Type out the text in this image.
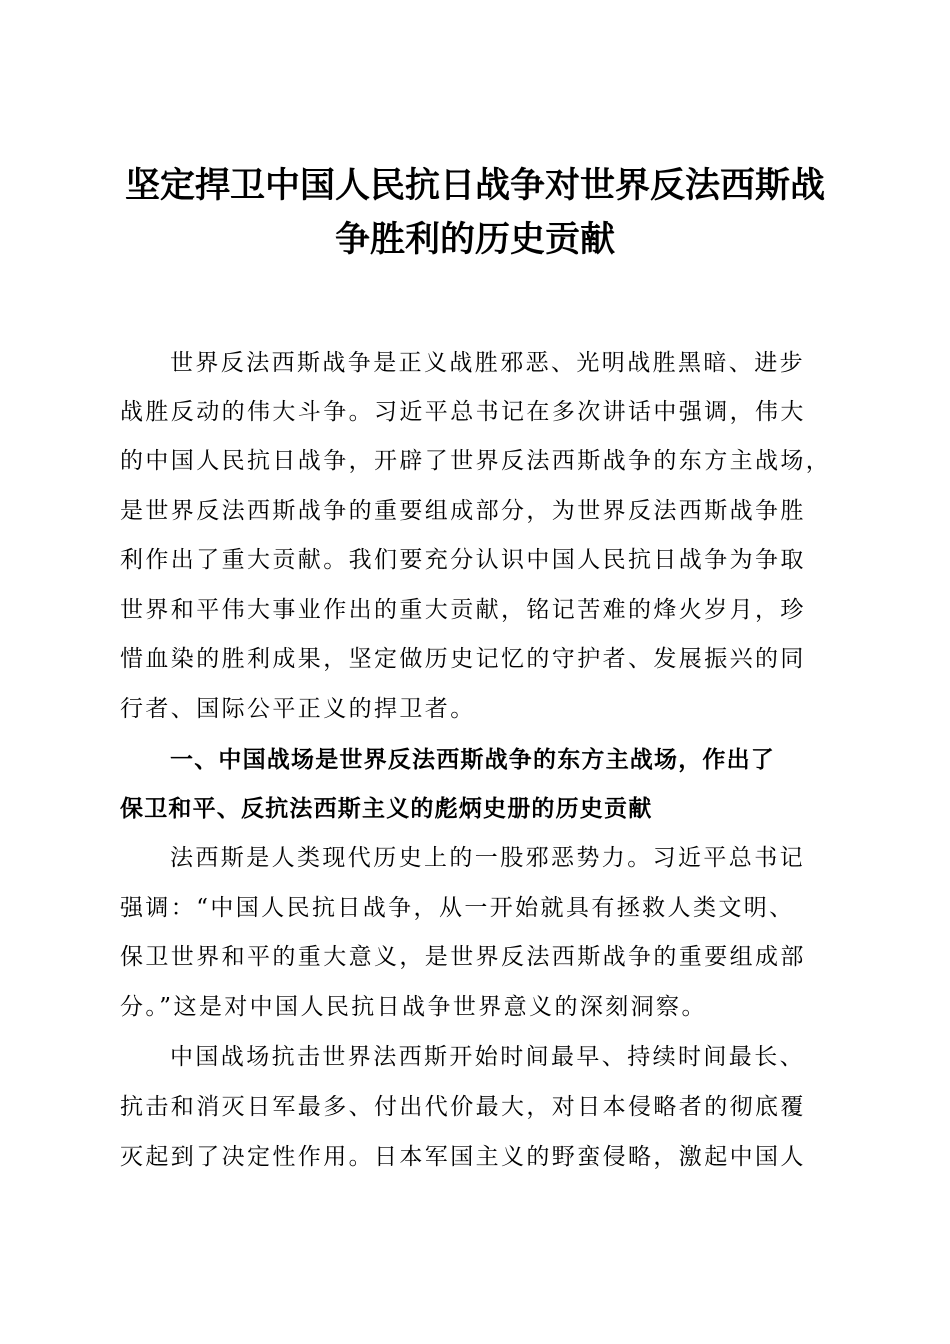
坚定捍卫中国人民抗日战争对世界反法西斯战
争胜利的历史贡献
世界反法西斯战争是正义战胜邪恶、光明战胜黑暗、进步
战胜反动的伟大斗争。习近平总书记在多次讲话中强调，伟大
的中国人民抗日战争，开辟了世界反法西斯战争的东方主战场，
是世界反法西斯战争的重要组成部分，为世界反法西斯战争胜
利作出了重大贡献。我们要充分认识中国人民抗日战争为争取
世界和平伟大事业作出的重大贡献，铭记苦难的烽火岁月，珍
惜血染的胜利成果，坚定做历史记忆的守护者、发展振兴的同
行者、国际公平正义的捍卫者。
一、中国战场是世界反法西斯战争的东方主战场，作出了
保卫和平、反抗法西斯主义的彪炳史册的历史贡献
法西斯是人类现代历史上的一股邪恶势力。习近平总书记
强调：“中国人民抗日战争，从一开始就具有拯救人类文明、
保卫世界和平的重大意义，是世界反法西斯战争的重要组成部
分。”这是对中国人民抗日战争世界意义的深刻洞察。
中国战场抗击世界法西斯开始时间最早、持续时间最长、
抗击和消灭日军最多、付出代价最大，对日本侵略者的彻底覆
灭起到了决定性作用。日本军国主义的野蛮侵略，激起中国人
